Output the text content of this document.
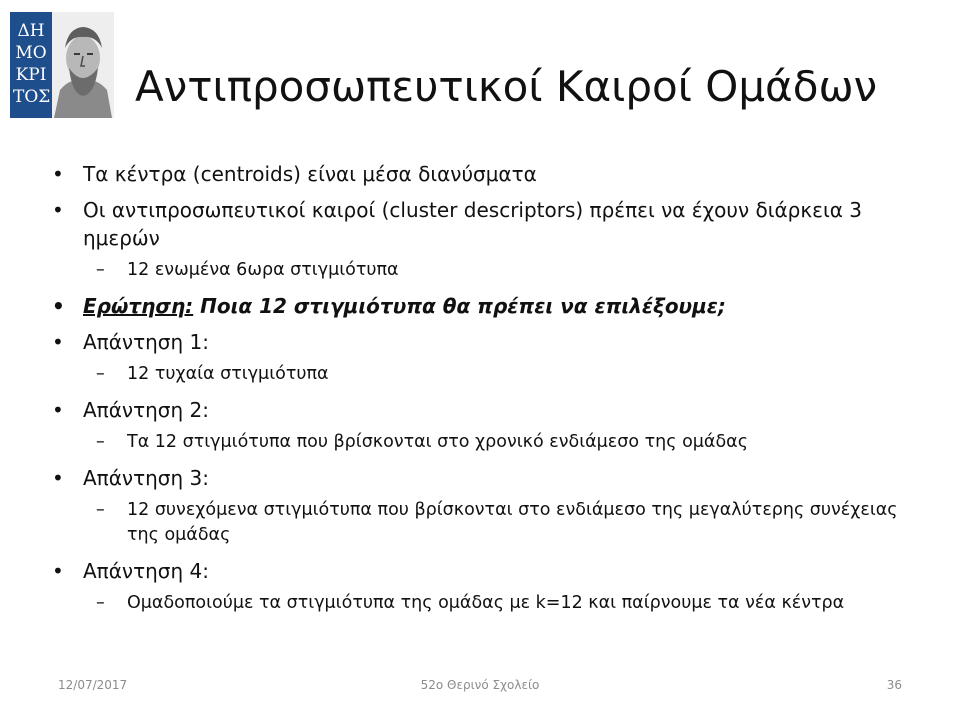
ΔΗ
ΜΟ
ΚΡΙ
ΤΟΣ Αντιπροσωπευτικοί Καιροί Ομάδων
• Τα κέντρα (centroids) είναι μέσα διανύσματα
• Οι αντιπροσωπευτικοί καιροί (cluster descriptors) πρέπει να έχουν διάρκεια 3 ημερών
– 12 ενωμένα 6ωρα στιγμιότυπα
• Ερώτηση: Ποια 12 στιγμιότυπα θα πρέπει να επιλέξουμε;
• Απάντηση 1:
– 12 τυχαία στιγμιότυπα
• Απάντηση 2:
– Τα 12 στιγμιότυπα που βρίσκονται στο χρονικό ενδιάμεσο της ομάδας
• Απάντηση 3:
– 12 συνεχόμενα στιγμιότυπα που βρίσκονται στο ενδιάμεσο της μεγαλύτερης συνέχειας της ομάδας
• Απάντηση 4:
– Ομαδοποιούμε τα στιγμιότυπα της ομάδας με k=12 και παίρνουμε τα νέα κέντρα
12/07/2017	52ο Θερινό Σχολείο	36
